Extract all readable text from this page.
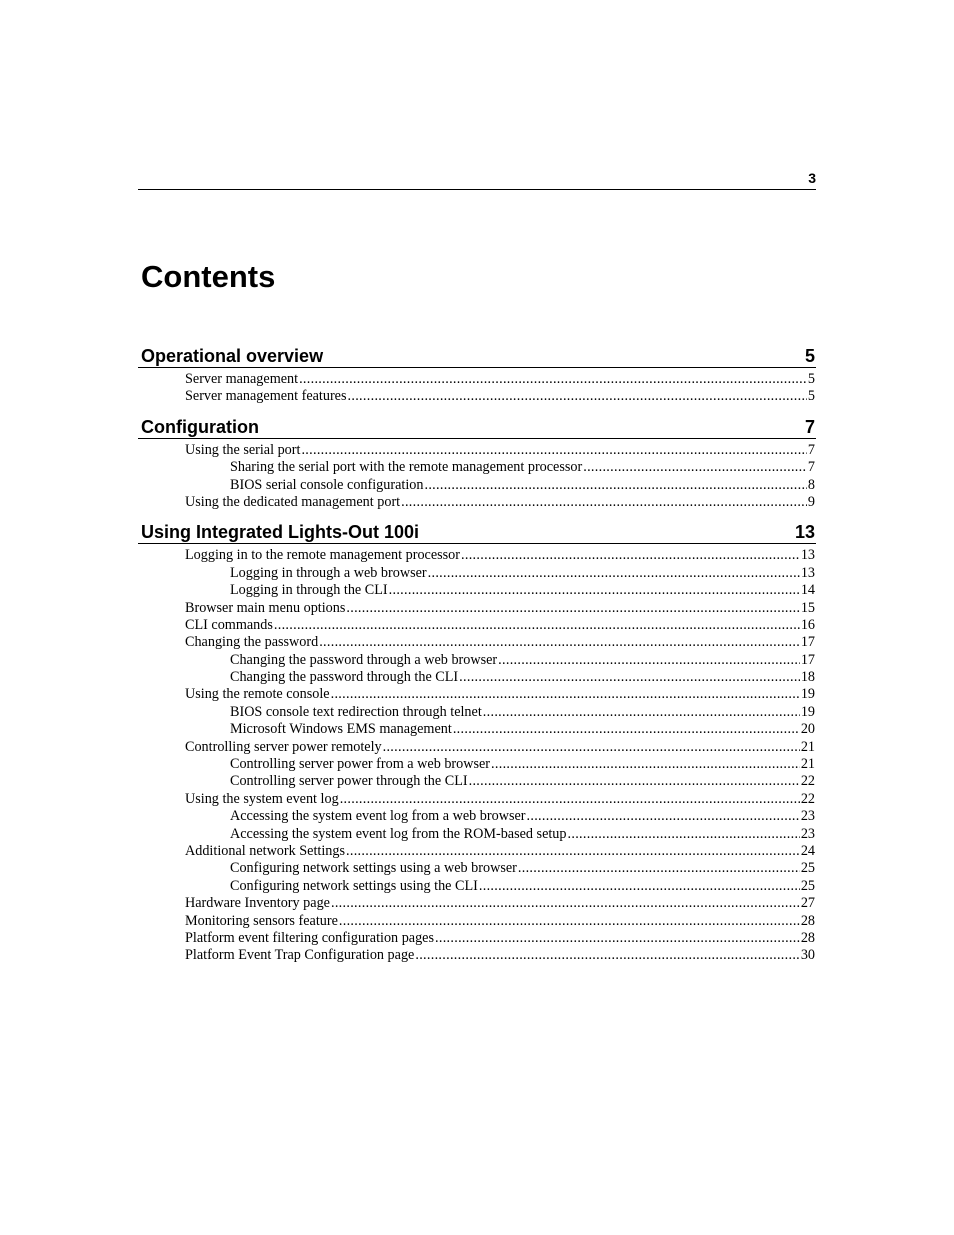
3
Contents
Operational overview	5
Server management .....	5
Server management features .....	5
Configuration	7
Using the serial port .....	7
Sharing the serial port with the remote management processor .....	7
BIOS serial console configuration .....	8
Using the dedicated management port .....	9
Using Integrated Lights-Out 100i	13
Logging in to the remote management processor .....	13
Logging in through a web browser .....	13
Logging in through the CLI .....	14
Browser main menu options .....	15
CLI commands .....	16
Changing the password .....	17
Changing the password through a web browser .....	17
Changing the password through the CLI .....	18
Using the remote console .....	19
BIOS console text redirection through telnet .....	19
Microsoft Windows EMS management .....	20
Controlling server power remotely .....	21
Controlling server power from a web browser .....	21
Controlling server power through the CLI .....	22
Using the system event log .....	22
Accessing the system event log from a web browser .....	23
Accessing the system event log from the ROM-based setup .....	23
Additional network Settings .....	24
Configuring network settings using a web browser .....	25
Configuring network settings using the CLI .....	25
Hardware Inventory page .....	27
Monitoring sensors feature .....	28
Platform event filtering configuration pages .....	28
Platform Event Trap Configuration page .....	30
